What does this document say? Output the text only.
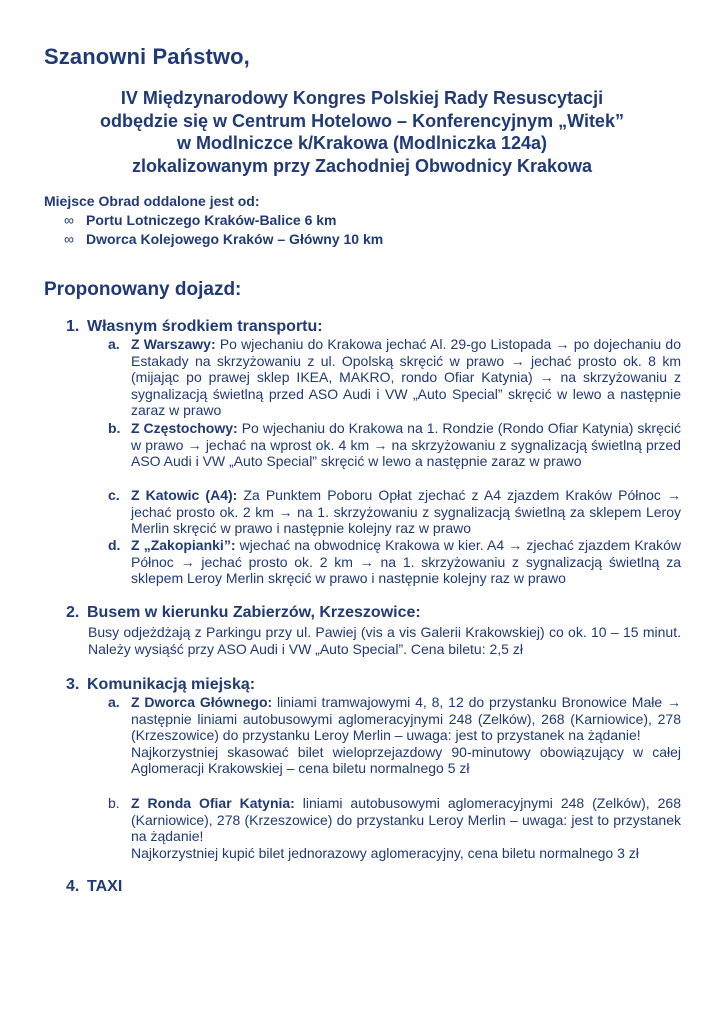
Szanowni Państwo,
IV Międzynarodowy Kongres Polskiej Rady Resuscytacji
odbędzie się w Centrum Hotelowo – Konferencyjnym „Witek”
w Modlniczce k/Krakowa (Modlniczka 124a)
zlokalizowanym przy Zachodniej Obwodnicy Krakowa
Miejsce Obrad oddalone jest od:
∞ Portu Lotniczego Kraków-Balice 6 km
∞ Dworca Kolejowego Kraków – Główny 10 km
Proponowany dojazd:
1. Własnym środkiem transportu:
a. Z Warszawy: Po wjechaniu do Krakowa jechać Al. 29-go Listopada → po dojechaniu do Estakady na skrzyżowaniu z ul. Opolską skręcić w prawo → jechać prosto ok. 8 km (mijając po prawej sklep IKEA, MAKRO, rondo Ofiar Katynia) → na skrzyżowaniu z sygnalizacją świetlną przed ASO Audi i VW „Auto Special” skręcić w lewo a następnie zaraz w prawo
b. Z Częstochowy: Po wjechaniu do Krakowa na 1. Rondzie (Rondo Ofiar Katynia) skręcić w prawo → jechać na wprost ok. 4 km → na skrzyżowaniu z sygnalizacją świetlną przed ASO Audi i VW „Auto Special” skręcić w lewo a następnie zaraz w prawo
c. Z Katowic (A4): Za Punktem Poboru Opłat zjechać z A4 zjazdem Kraków Północ → jechać prosto ok. 2 km → na 1. skrzyżowaniu z sygnalizacją świetlną za sklepem Leroy Merlin skręcić w prawo i następnie kolejny raz w prawo
d. Z „Zakopianki”: wjechać na obwodnicę Krakowa w kier. A4 → zjechać zjazdem Kraków Północ → jechać prosto ok. 2 km → na 1. skrzyżowaniu z sygnalizacją świetlną za sklepem Leroy Merlin skręcić w prawo i następnie kolejny raz w prawo
2. Busem w kierunku Zabierzów, Krzeszowice:
Busy odjeżdżają z Parkingu przy ul. Pawiej (vis a vis Galerii Krakowskiej) co ok. 10 – 15 minut. Należy wysiąść przy ASO Audi i VW „Auto Special”. Cena biletu: 2,5 zł
3. Komunikacją miejską:
a. Z Dworca Głównego: liniami tramwajowymi 4, 8, 12 do przystanku Bronowice Małe → następnie liniami autobusowymi aglomeracyjnymi 248 (Zelków), 268 (Karniowice), 278 (Krzeszowice) do przystanku Leroy Merlin – uwaga: jest to przystanek na żądanie!
Najkorzystniej skasować bilet wieloprzejazdowy 90-minutowy obowiązujący w całej Aglomeracji Krakowskiej – cena biletu normalnego 5 zł
b. Z Ronda Ofiar Katynia: liniami autobusowymi aglomeracyjnymi 248 (Zelków), 268 (Karniowice), 278 (Krzeszowice) do przystanku Leroy Merlin – uwaga: jest to przystanek na żądanie!
Najkorzystniej kupić bilet jednorazowy aglomeracyjny, cena biletu normalnego 3 zł
4. TAXI
